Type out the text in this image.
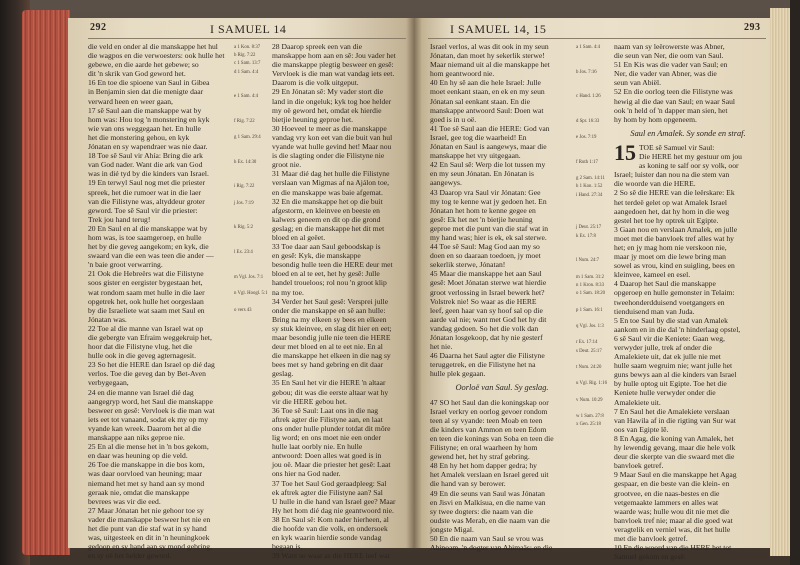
292	I SAMUEL 14
die veld en onder al die manskappe het hul
die wagpos en die verwoesters: ook hulle het
gebewe, en die aarde het gebewe; so
dit 'n skrik van God geword het.
16 En toe die spioene van Saul in Gibea
in Benjamin sien dat die menigte daar
verward heen en weer gaan,
17 sê Saul aan die manskappe wat by
hom was: Hou tog 'n monstering en kyk
wie van ons weggegaan het. En hulle
het die monstering gehou, en kyk
Jónatan en sy wapendraer was nie daar.
18 Toe sê Saul vir Ahía: Bring die ark
van God nader. Want die ark van God
was in dié tyd by die kinders van Israel.
19 En terwyl Saul nog met die priester
spreek, het die rumoer wat in die laer
van die Filistyne was, altyddeur groter
geword. Toe sê Saul vir die priester:
Trek jou hand terug!
20 En Saul en al die manskappe wat by
hom was, is toe saamgeroep, en hulle
het by die geveg aangekom; en kyk, die
swaard van die een was teen die ander —
'n baie groot verwarring.
21 Ook die Hebreërs wat die Filistyne
soos gister en eergister bygestaan het,
wat rondom saam met hulle in die laer
opgetrek het, ook hulle het oorgeslaan
by die Israeliete wat saam met Saul en
Jónatan was.
22 Toe al die manne van Israel wat op
die gebergte van Efraim weggekruip het,
hoor dat die Filistyne vlug, het die
hulle ook in die geveg agternagesit.
23 So het die HERE dan Israel op dié dag
verlos. Toe die geveg dan by Bet-Aven
verbygegaan,
24 en die manne van Israel dié dag
aangegryp word, het Saul die manskappe
besweer en gesê: Vervloek is die man wat
iets eet tot vanaand, sodat ek my op my
vyande kan wreek. Daarom het al die
manskappe aan niks geproe nie.
25 En al die mense het in 'n bos gekom,
en daar was heuning op die veld.
26 Toe die manskappe in die bos kom,
was daar oorvloed van heuning; maar
niemand het met sy hand aan sy mond
geraak nie, omdat die manskappe
bevrees was vir die eed.
27 Maar Jónatan het nie gehoor toe sy
vader die manskappe besweer het nie en
het die punt van die staf wat in sy hand
was, uitgesteek en dit in 'n heuningkoek
gedoop en sy hand aan sy mond gebring,
en sy oë het helder geword.
a 1 Kon. 8:37
b Rig. 7:22
c 1 Sam. 13:7
d 1 Sam. 4:4

e 1 Sam. 4:4

f Rig. 7:22

g 1 Sam. 29:4

h Ex. 14:30

i Rig. 7:22

j Jos. 7:19

k Rig. 5:2

l Ex. 23:4

m Vgl. Jos. 7:1

n Vgl. Hoogl. 5:1

o vers 43
28 Daarop spreek een van die
manskappe hom aan en sê: Jou vader het
die manskappe plegtig besweer en gesê:
Vervloek is die man wat vandag iets eet.
Daarom is die volk uitgeput.
29 En Jónatan sê: My vader stort die
land in die ongeluk; kyk tog hoe helder
my oë geword het, omdat ek hierdie
bietjie heuning geproe het.
30 Hoeveel te meer as die manskappe
vandag vry kon eet van die buit van hul
vyande wat hulle gevind het! Maar nou
is die slagting onder die Filistyne nie
groot nie.
31 Maar dié dag het hulle die Filistyne
verslaan van Migmas af na Ajálon toe,
en die manskappe was baie afgemat.
32 En die manskappe het op die buit
afgestorm, en kleinvee en beeste en
kalwers geneem en dit op die grond
geslag; en die manskappe het dit met
bloed en al geëet.
33 Toe daar aan Saul geboodskap is
en gesê: Kyk, die manskappe
besondig hulle teen die HERE deur met
bloed en al te eet, het hy gesê: Julle
handel troueloos; rol nou 'n groot klip
na my toe.
34 Verder het Saul gesê: Versprei julle
onder die manskappe en sê aan hulle:
Bring na my elkeen sy bees en elkeen
sy stuk kleinvee, en slag dit hier en eet;
maar besondig julle nie teen die HERE
deur met bloed en al te eet nie. En al
die manskappe het elkeen in die nag sy
bees met sy hand gebring en dit daar
geslag.
35 En Saul het vir die HERE 'n altaar
gebou; dit was die eerste altaar wat hy
vir die HERE gebou het.
36 Toe sê Saul: Laat ons in die nag
aftrek agter die Filistyne aan, en laat
ons onder hulle plunder totdat dit môre
lig word; en ons moet nie een onder
hulle laat oorbly nie. En hulle
antwoord: Doen alles wat goed is in
jou oë. Maar die priester het gesê: Laat
ons hier na God nader.
37 Toe het Saul God geraadpleeg: Sal
ek aftrek agter die Filistyne aan? Sal
U hulle in die hand van Israel gee? Maar
Hy het hom dié dag nie geantwoord nie.
38 En Saul sê: Kom nader hierheen, al
die hoofde van die volk, en ondersoek
en kyk waarin hierdie sonde vandag
begaan is.
39 Want so waar as die HERE leef wat
I SAMUEL 14, 15	293
Israel verlos, al was dit ook in my seun
Jónatan, dan moet hy sekerlik sterwe!
Maar niemand uit al die manskappe het
hom geantwoord nie.
40 En hy sê aan die hele Israel: Julle
moet eenkant staan, en ek en my seun
Jónatan sal eenkant staan. En die
manskappe antwoord Saul: Doen wat
goed is in u oë.
41 Toe sê Saul aan die HERE: God van
Israel, gee tog die waarheid! En
Jónatan en Saul is aangewys, maar die
manskappe het vry uitgegaan.
42 En Saul sê: Werp die lot tussen my
en my seun Jónatan. En Jónatan is
aangewys.
43 Daarop vra Saul vir Jónatan: Gee
my tog te kenne wat jy gedoen het. En
Jónatan het hom te kenne gegee en
gesê: Ek het net 'n bietjie heuning
geproe met die punt van die staf wat in
my hand was; hier is ek, ek sal sterwe.
44 Toe sê Saul: Mag God aan my so
doen en so daaraan toedoen, jy moet
sekerlik sterwe, Jónatan!
45 Maar die manskappe het aan Saul
gesê: Moet Jónatan sterwe wat hierdie
groot verlossing in Israel bewerk het?
Volstrek nie! So waar as die HERE
leef, geen haar van sy hoof sal op die
aarde val nie; want met God het hy dit
vandag gedoen. So het die volk dan
Jónatan losgekoop, dat hy nie gesterf
het nie.
46 Daarna het Saul agter die Filistyne
teruggetrek, en die Filistyne het na
hulle plek gegaan.
Oorloë van Saul. Sy geslag.
47 SO het Saul dan die koningskap oor
Israel verkry en oorlog gevoer rondom
teen al sy vyande: teen Moab en teen
die kinders van Ammon en teen Edom
en teen die konings van Soba en teen die
Filistyne; en oral waarheen hy hom
gewend het, het hy straf gebring.
48 En hy het hom dapper gedra; hy
het Amalek verslaan en Israel gered uit
die hand van sy berower.
49 En die seuns van Saul was Jónatan
en Jisvi en Malkísua, en die name van
sy twee dogters: die naam van die
oudste was Merab, en die naam van die
jongste Migal.
50 En die naam van Saul se vrou was
Ahinoam, 'n dogter van Ahimaäs; en die
a 1 Sam. 4:4

b Jos. 7:16

c Hand. 1:26

d Spr. 16:33

e Jos. 7:19

f Ruth 1:17

g 2 Sam. 14:11
h 1 Kon. 1:52
i Hand. 27:34

j Deut. 25:17
k Ex. 17:8

l Num. 24:7

m 1 Sam. 31:2
n 1 Kron. 8:33
o 1 Sam. 18:20

p 1 Sam. 16:1

q Vgl. Jos. 1:3

r Ex. 17:14
s Deut. 25:17

t Num. 24:20

u Vgl. Rig. 1:16

v Num. 10:29

w 1 Sam. 27:8
x Gen. 25:18
naam van sy leërowerste was Abner,
die seun van Ner, die oom van Saul.
51 En Kis was die vader van Saul; en
Ner, die vader van Abner, was die
seun van Abiël.
52 En die oorlog teen die Filistyne was
hewig al die dae van Saul; en waar Saul
ook 'n held of 'n dapper man sien, het
hy hom by hom opgeneem.
Saul en Amalek. Sy sonde en straf.
15 TOE sê Samuel vir Saul:
Die HERE het my gestuur om jou
as koning te salf oor sy volk, oor
Israel; luister dan nou na die stem van
die woorde van die HERE.
2 So sê die HERE van die leërskare: Ek
het terdeë gelet op wat Amalek Israel
aangedoen het, dat hy hom in die weg
gestel het toe hy optrek uit Egipte.
3 Gaan nou en verslaan Amalek, en julle
moet met die banvloek tref alles wat hy
het; en jy mag hom nie verskoon nie,
maar jy moet om die lewe bring man
sowel as vrou, kind en suigling, bees en
kleinvee, kameel en esel.
4 Daarop het Saul die manskappe
opgeroep en hulle gemonster in Telaim:
tweehonderdduisend voetgangers en
tienduisend man van Juda.
5 En toe Saul by die stad van Amalek
aankom en in die dal 'n hinderlaag opstel,
6 sê Saul vir die Keniete: Gaan weg,
verwyder julle, trek af onder die
Amalekiete uit, dat ek julle nie met
hulle saam wegruim nie; want julle het
guns bewys aan al die kinders van Israel
by hulle optog uit Egipte. Toe het die
Keniete hulle verwyder onder die
Amalekiete uit.
7 En Saul het die Amalekiete verslaan
van Hawila af in die rigting van Sur wat
oos van Egipte lê.
8 En Agag, die koning van Amalek, het
hy lewendig gevang, maar die hele volk
deur die skerpte van die swaard met die
banvloek getref.
9 Maar Saul en die manskappe het Agag
gespaar, en die beste van die klein- en
grootvee, en die naas-bestes en die
vetgemaakte lammers en alles wat
waarde was; hulle wou dit nie met die
banvloek tref nie; maar al die goed wat
veragtelik en verniel was, dit het hulle
met die banvloek getref.
10 En die woord van die HERE het tot
Samuel gekom en gesê:
